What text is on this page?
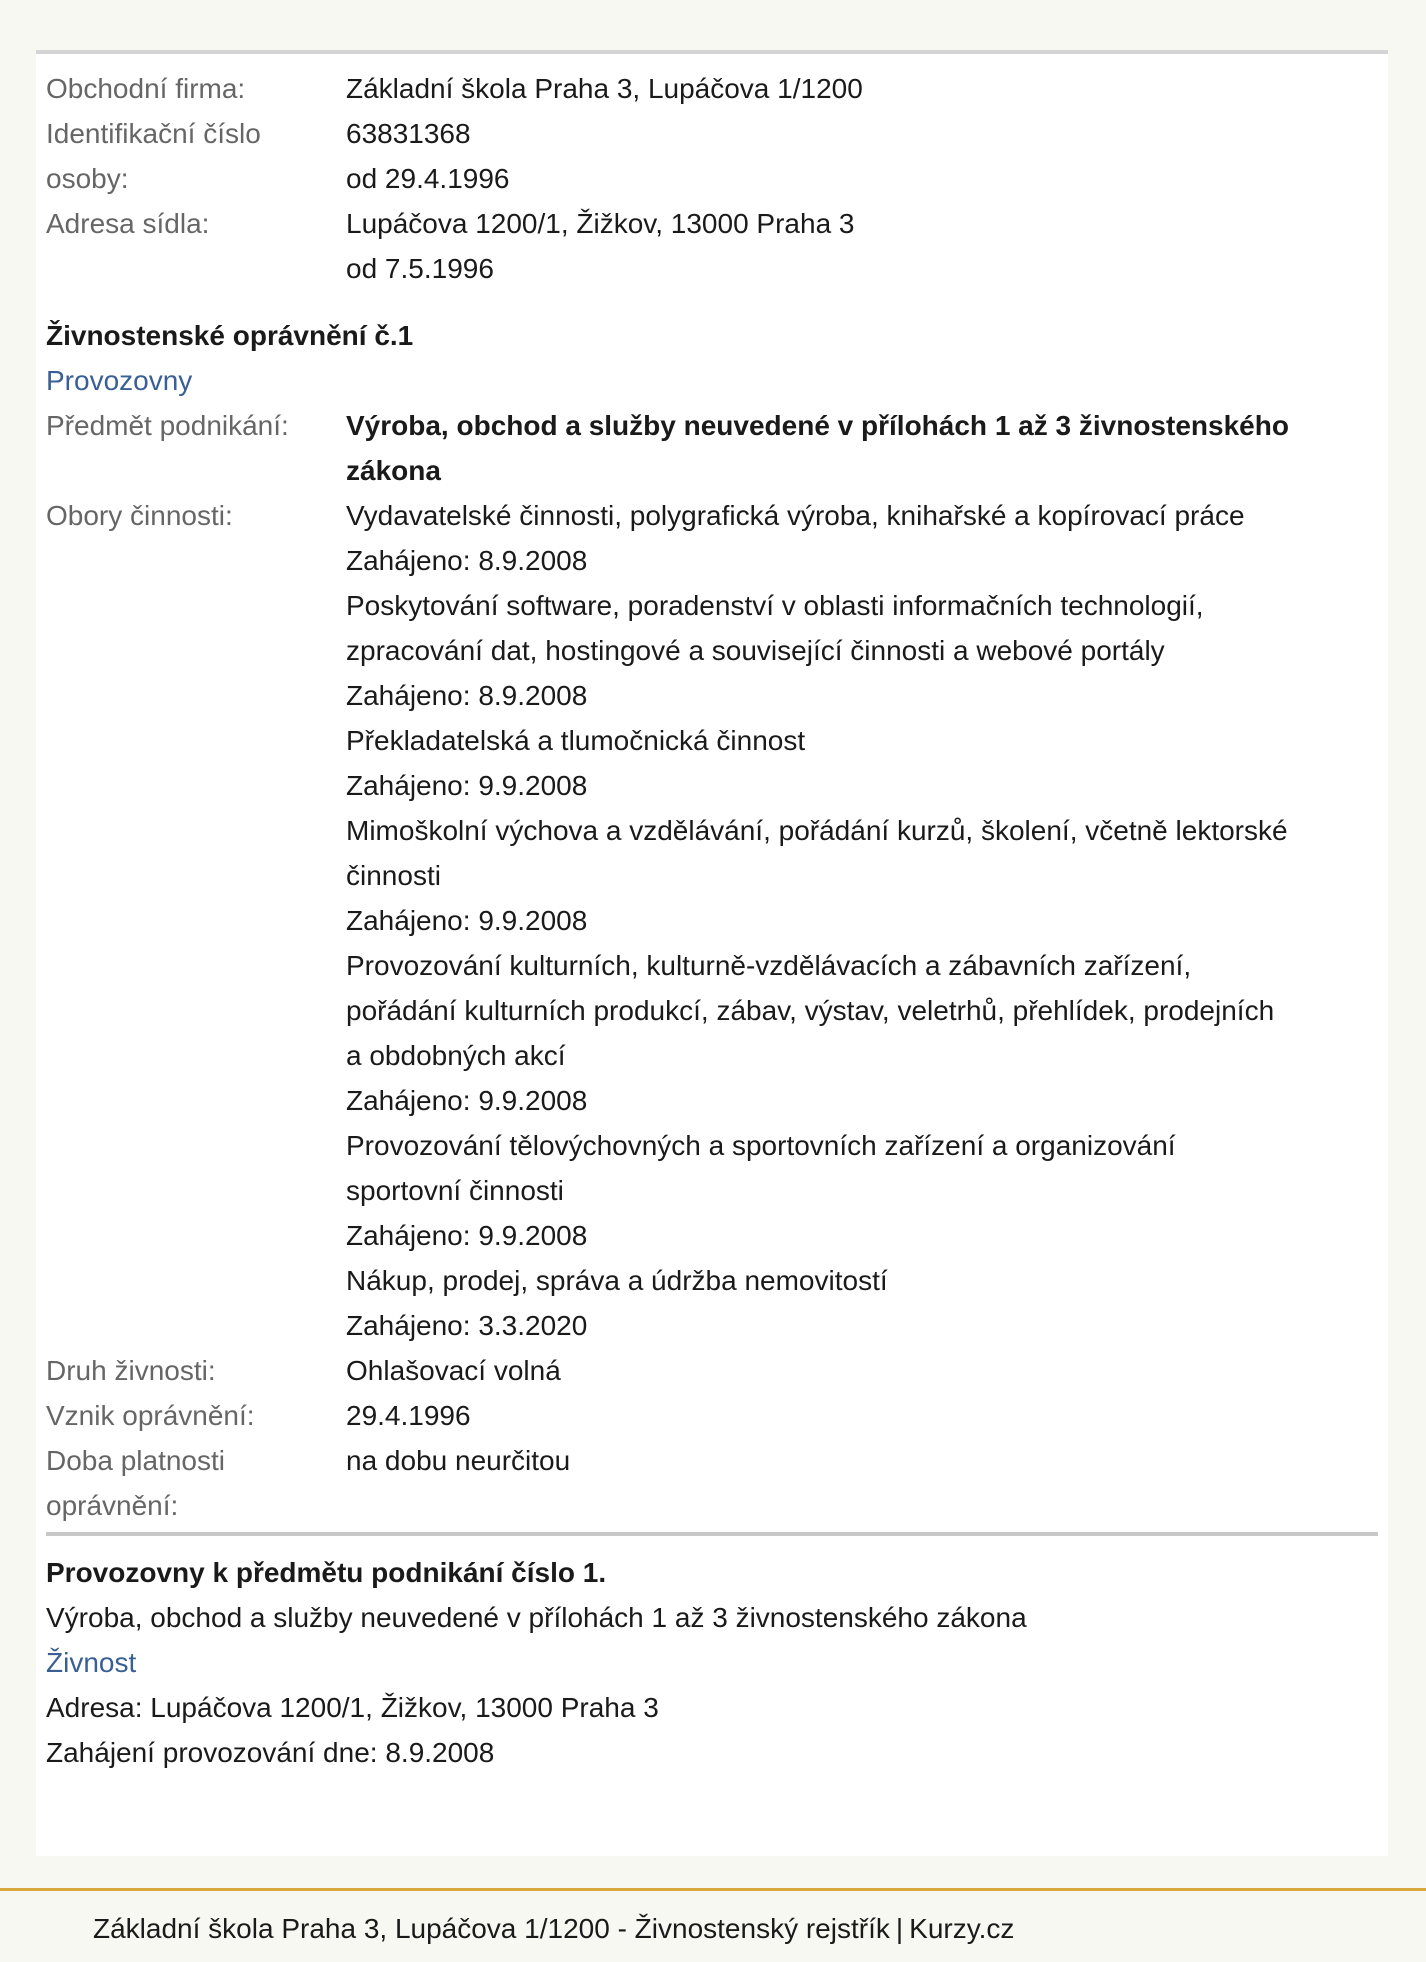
Obchodní firma:	Základní škola Praha 3, Lupáčova 1/1200
Identifikační číslo
osoby:
63831368
od 29.4.1996
Adresa sídla:	Lupáčova 1200/1, Žižkov, 13000 Praha 3
od 7.5.1996
Živnostenské oprávnění č.1
Provozovny
Předmět podnikání:	Výroba, obchod a služby neuvedené v přílohách 1 až 3 živnostenského zákona
Obory činnosti:	Vydavatelské činnosti, polygrafická výroba, knihařské a kopírovací práce
Zahájeno: 8.9.2008
Poskytování software, poradenství v oblasti informačních technologií,
zpracování dat, hostingové a související činnosti a webové portály
Zahájeno: 8.9.2008
Překladatelská a tlumočnická činnost
Zahájeno: 9.9.2008
Mimoškolní výchova a vzdělávání, pořádání kurzů, školení, včetně lektorské
činnosti
Zahájeno: 9.9.2008
Provozování kulturních, kulturně-vzdělávacích a zábavních zařízení,
pořádání kulturních produkcí, zábav, výstav, veletrhů, přehlídek, prodejních
a obdobných akcí
Zahájeno: 9.9.2008
Provozování tělovýchovných a sportovních zařízení a organizování
sportovní činnosti
Zahájeno: 9.9.2008
Nákup, prodej, správa a údržba nemovitostí
Zahájeno: 3.3.2020
Druh živnosti:	Ohlašovací volná
Vznik oprávnění:	29.4.1996
Doba platnosti
oprávnění:
na dobu neurčitou
Provozovny k předmětu podnikání číslo 1.
Výroba, obchod a služby neuvedené v přílohách 1 až 3 živnostenského zákona
Živnost
Adresa: Lupáčova 1200/1, Žižkov, 13000 Praha 3
Zahájení provozování dne: 8.9.2008
Základní škola Praha 3, Lupáčova 1/1200 - Živnostenský rejstřík | Kurzy.cz
